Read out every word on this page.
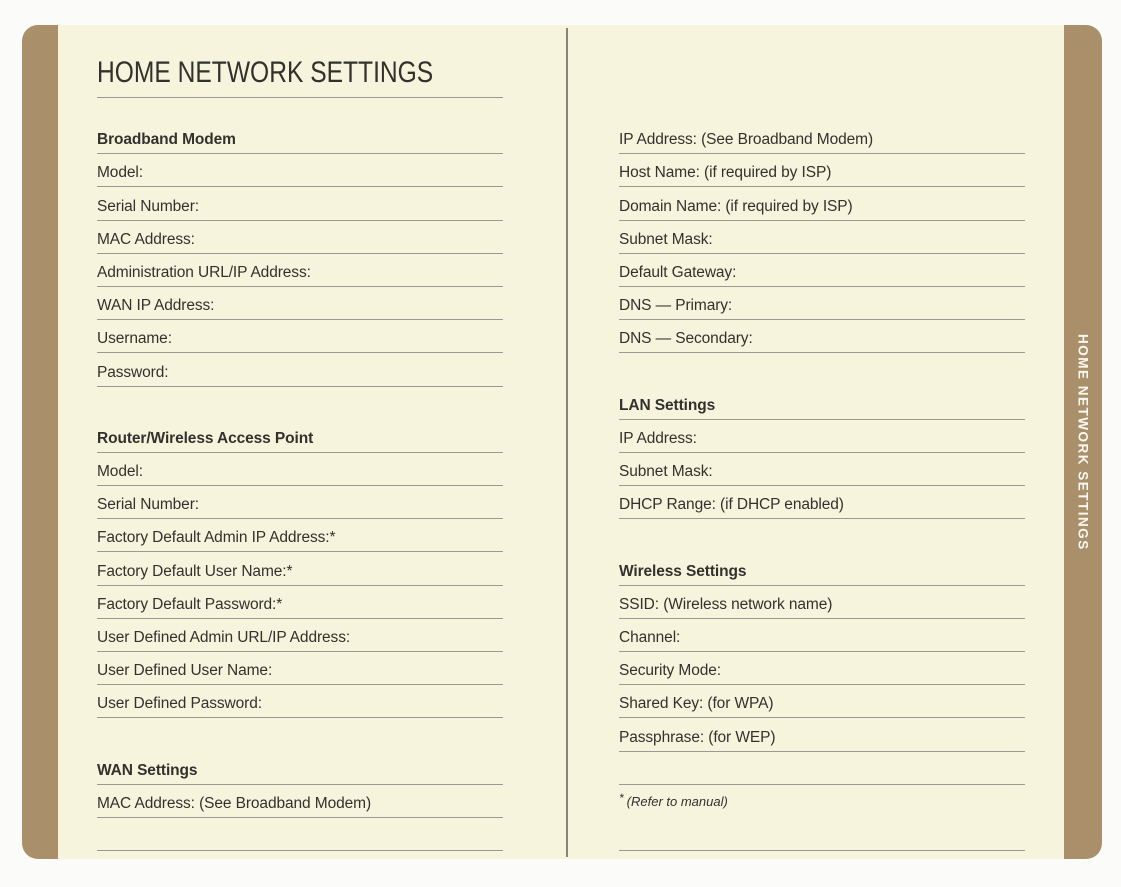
HOME NETWORK SETTINGS
HOME NETWORK SETTINGS
Broadband Modem
Model:
Serial Number:
MAC Address:
Administration URL/IP Address:
WAN IP Address:
Username:
Password:
Router/Wireless Access Point
Model:
Serial Number:
Factory Default Admin IP Address:*
Factory Default User Name:*
Factory Default Password:*
User Defined Admin URL/IP Address:
User Defined User Name:
User Defined Password:
WAN Settings
MAC Address: (See Broadband Modem)
IP Address: (See Broadband Modem)
Host Name: (if required by ISP)
Domain Name: (if required by ISP)
Subnet Mask:
Default Gateway:
DNS — Primary:
DNS — Secondary:
LAN Settings
IP Address:
Subnet Mask:
DHCP Range: (if DHCP enabled)
Wireless Settings
SSID: (Wireless network name)
Channel:
Security Mode:
Shared Key: (for WPA)
Passphrase: (for WEP)
* (Refer to manual)
